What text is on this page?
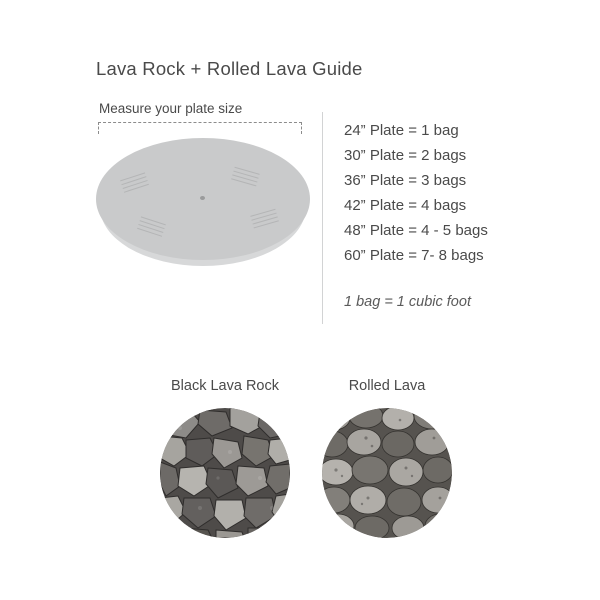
Lava Rock + Rolled Lava Guide
Measure your plate size
24” Plate = 1 bag
30” Plate = 2 bags
36” Plate = 3 bags
42” Plate = 4 bags
48” Plate = 4 - 5 bags
60” Plate = 7- 8 bags
1 bag = 1 cubic foot
Black Lava Rock	Rolled Lava
